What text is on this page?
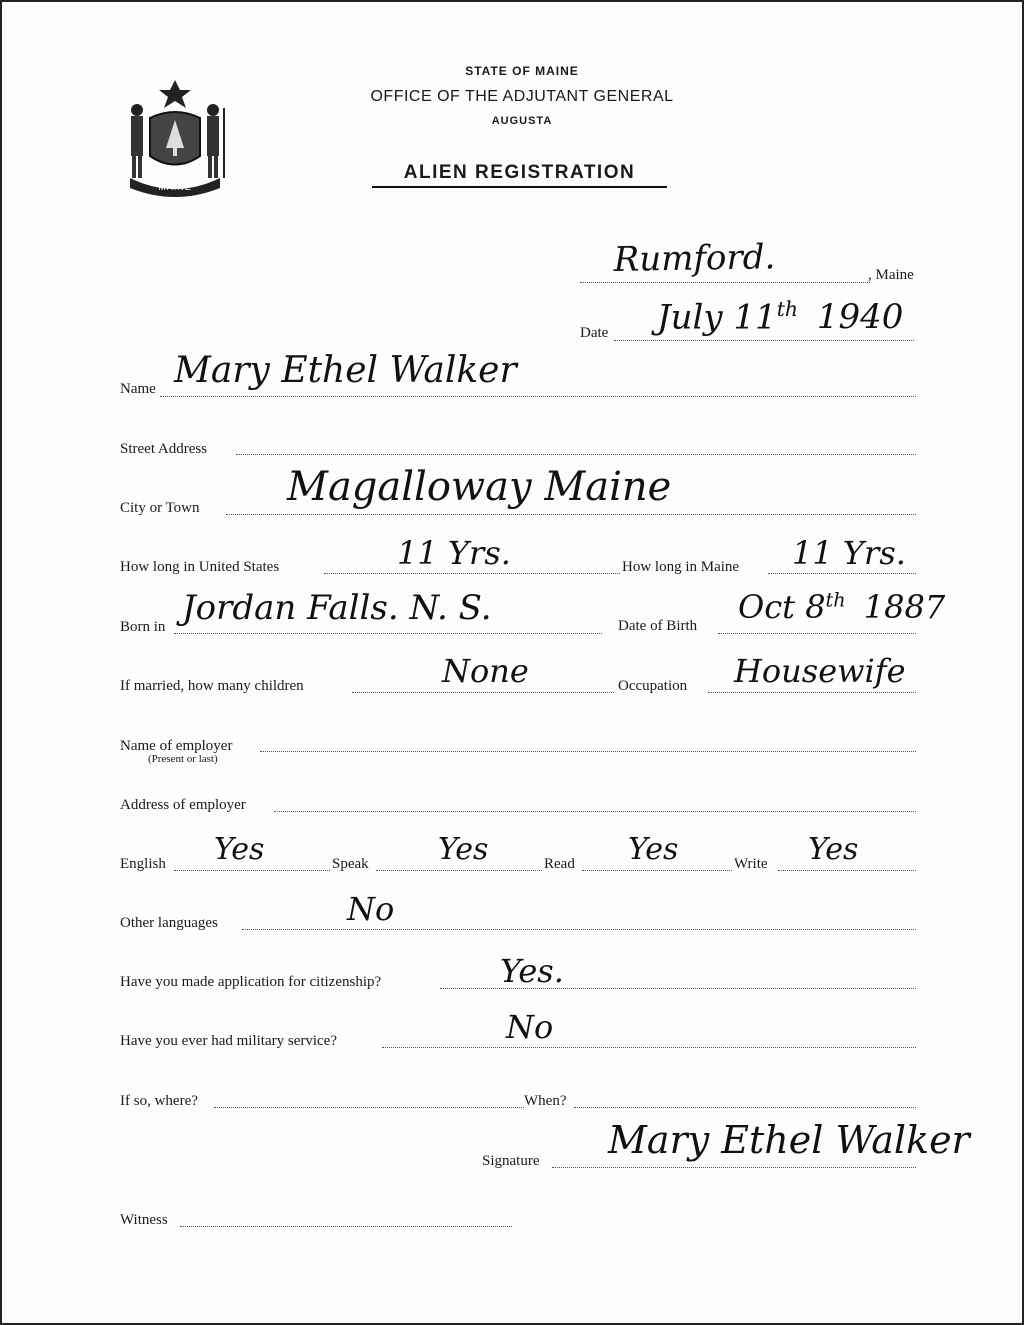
MAINE
STATE OF MAINE
OFFICE OF THE ADJUTANT GENERAL
AUGUSTA
ALIEN REGISTRATION
Rumford.	, Maine
Date July 11th 1940
Name Mary Ethel Walker
Street Address
City or Town Magalloway Maine
How long in United States	11 Yrs.	How long in Maine 11 Yrs.
Born in Jordan Falls. N. S.	Date of Birth Oct 8th 1887
If married, how many children	None	Occupation Housewife
Name of employer
(Present or last)
Address of employer
English Yes	Speak Yes	Read Yes	Write Yes
Other languages	No
Have you made application for citizenship?	Yes.
Have you ever had military service?	No
If so, where?	When?
Signature Mary Ethel Walker
Witness
